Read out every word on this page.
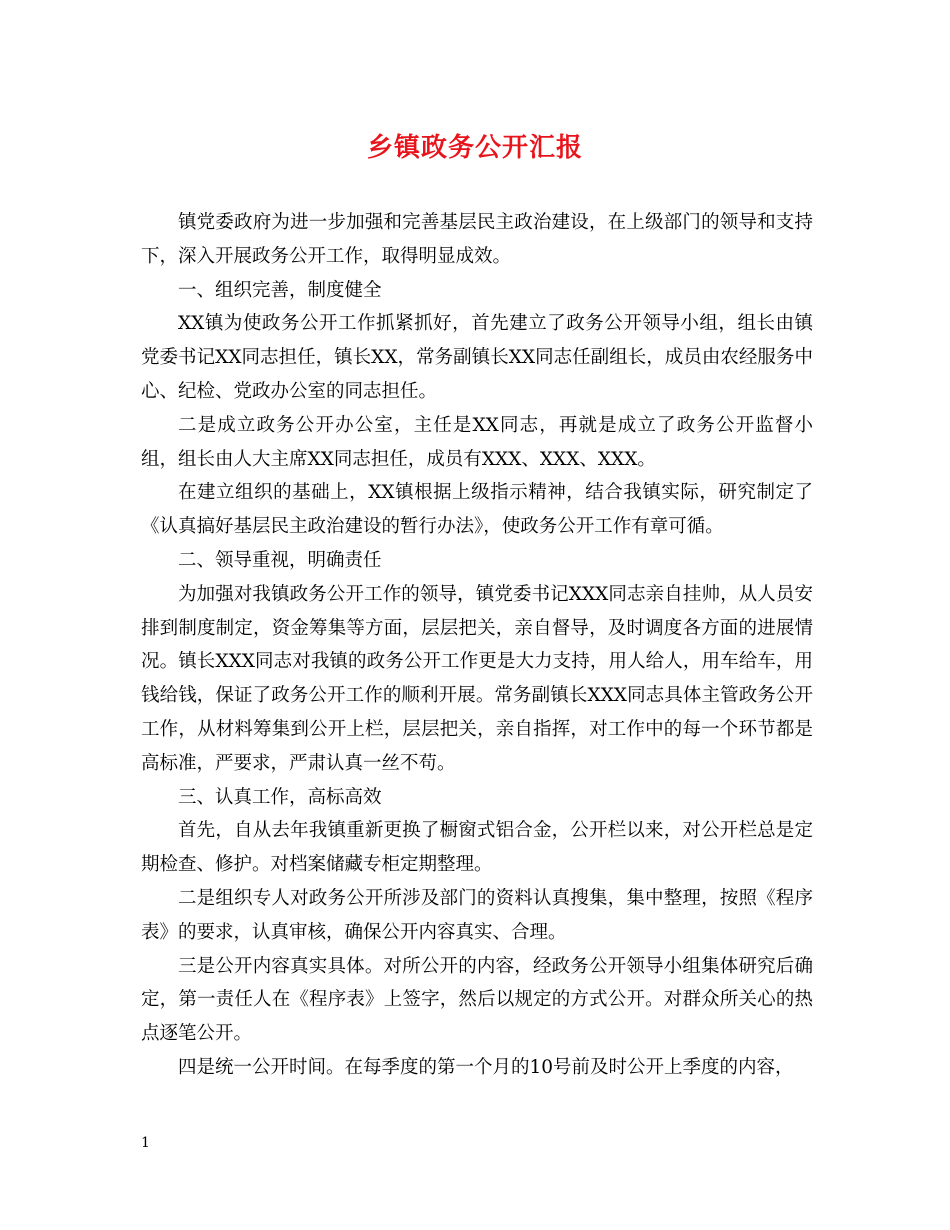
乡镇政务公开汇报

镇党委政府为进一步加强和完善基层民主政治建设，在上级部门的领导和支持下，深入开展政务公开工作，取得明显成效。

一、组织完善，制度健全

XX镇为使政务公开工作抓紧抓好，首先建立了政务公开领导小组，组长由镇党委书记XX同志担任，镇长XX，常务副镇长XX同志任副组长，成员由农经服务中心、纪检、党政办公室的同志担任。

二是成立政务公开办公室，主任是XX同志，再就是成立了政务公开监督小组，组长由人大主席XX同志担任，成员有XXX、XXX、XXX。

在建立组织的基础上，XX镇根据上级指示精神，结合我镇实际，研究制定了《认真搞好基层民主政治建设的暂行办法》，使政务公开工作有章可循。

二、领导重视，明确责任

为加强对我镇政务公开工作的领导，镇党委书记XXX同志亲自挂帅，从人员安排到制度制定，资金筹集等方面，层层把关，亲自督导，及时调度各方面的进展情况。镇长XXX同志对我镇的政务公开工作更是大力支持，用人给人，用车给车，用钱给钱，保证了政务公开工作的顺利开展。常务副镇长XXX同志具体主管政务公开工作，从材料筹集到公开上栏，层层把关，亲自指挥，对工作中的每一个环节都是高标准，严要求，严肃认真一丝不苟。

三、认真工作，高标高效

首先，自从去年我镇重新更换了橱窗式铝合金，公开栏以来，对公开栏总是定期检查、修护。对档案储藏专柜定期整理。

二是组织专人对政务公开所涉及部门的资料认真搜集，集中整理，按照《程序表》的要求，认真审核，确保公开内容真实、合理。

三是公开内容真实具体。对所公开的内容，经政务公开领导小组集体研究后确定，第一责任人在《程序表》上签字，然后以规定的方式公开。对群众所关心的热点逐笔公开。

四是统一公开时间。在每季度的第一个月的10号前及时公开上季度的内容，

1
